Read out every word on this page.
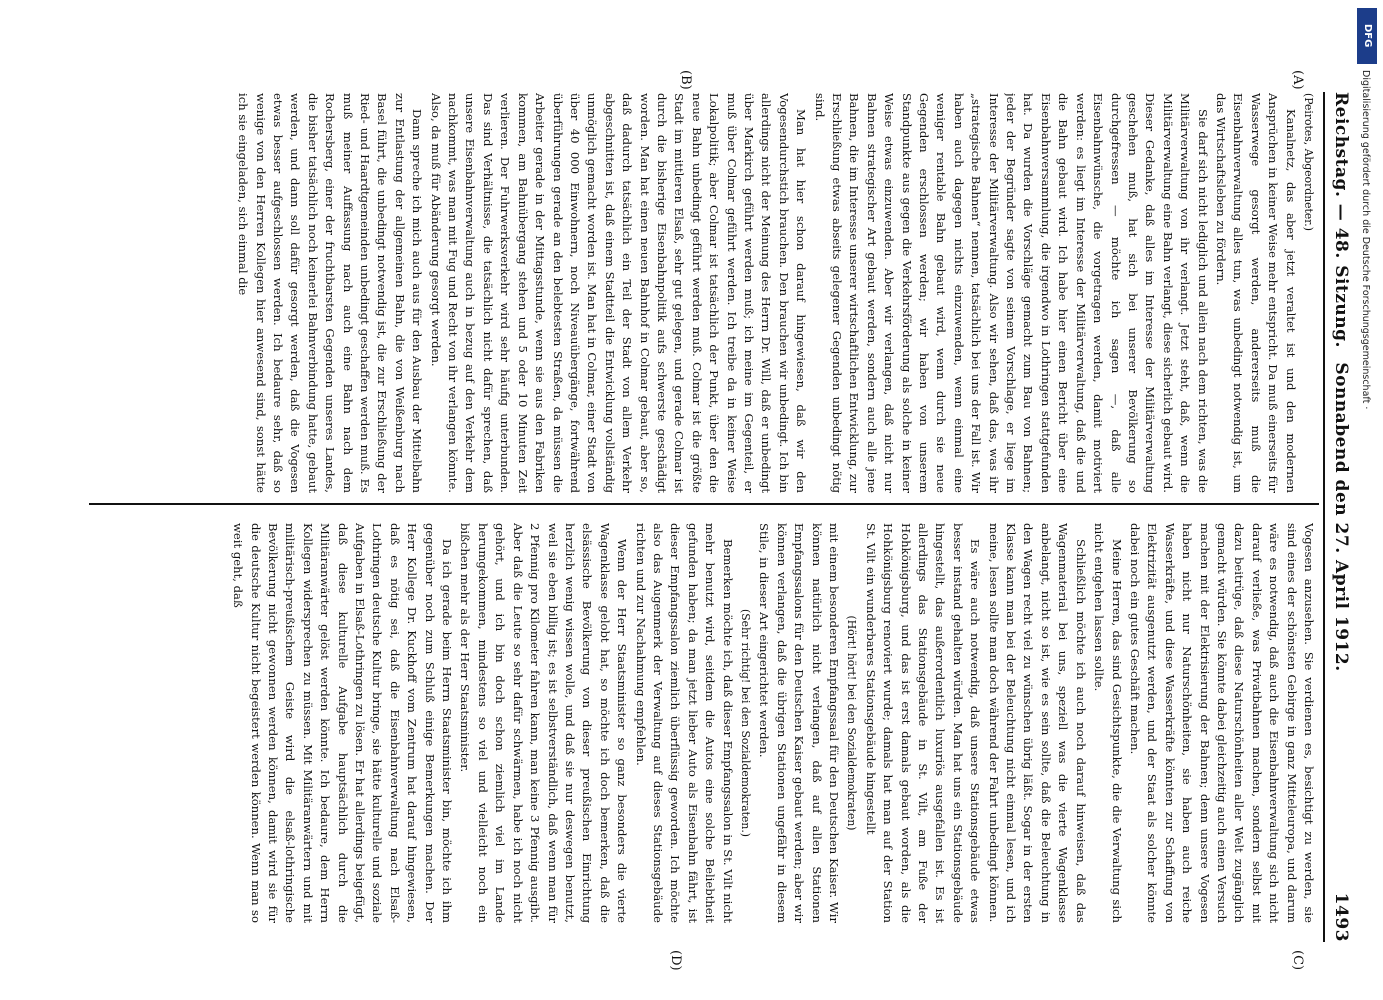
Reichstag. — 48. Sitzung.
Sonnabend den 27. April 1912.
1493
(A)
(B)
(C)
(D)

(Peirotes, Abgeordneter.)

Kanalnetz, das aber jetzt veraltet ist und den modernen Ansprüchen in keiner Weise mehr entspricht. Da muß einerseits für Wasserwege gesorgt werden, andererseits muß die Eisenbahnverwaltung alles tun, was unbedingt notwendig ist, um das Wirtschaftsleben zu fördern.

Sie darf sich nicht lediglich und allein nach dem richten, was die Militärverwaltung von ihr verlangt. Jetzt steht, daß, wenn die Militärverwaltung eine Bahn verlangt, diese sicherlich gebaut wird. Dieser Gedanke, daß alles im Interesse der Militärverwaltung geschehen muß, hat sich bei unserer Bevölkerung so durchgefressen — möchte ich sagen —, daß alle Eisenbahnwünsche, die vorgetragen werden, damit motiviert werden: es liegt im Interesse der Militärverwaltung, daß die und die Bahn gebaut wird. Ich habe hier einen Bericht über eine Eisenbahnversammlung, die irgendwo in Lothringen stattgefunden hat. Da wurden die Vorschläge gemacht zum Bau von Bahnen; jeder der Begründer sagte von seinem Vorschlage, er liege im Interesse der Militärverwaltung. Also wir sehen, daß das, was ihr „strategische Bahnen“ nennen, tatsächlich bei uns der Fall ist. Wir haben auch dagegen nichts einzuwenden, wenn einmal eine weniger rentable Bahn gebaut wird, wenn durch sie neue Gegenden erschlossen werden; wir haben von unserem Standpunkte aus gegen die Verkehrsförderung als solche in keiner Weise etwas einzuwenden. Aber wir verlangen, daß nicht nur Bahnen strategischer Art gebaut werden, sondern auch alle jene Bahnen, die im Interesse unserer wirtschaftlichen Entwicklung, zur Erschließung etwas abseits gelegener Gegenden unbedingt nötig sind.

Man hat hier schon darauf hingewiesen, daß wir den Vogesendurchstich brauchen. Den brauchen wir unbedingt. Ich bin allerdings nicht der Meinung des Herrn Dr. Will, daß er unbedingt über Markirch geführt werden muß; ich meine im Gegenteil, er muß über Colmar geführt werden. Ich treibe da in keiner Weise Lokalpolitik; aber Colmar ist tatsächlich der Punkt, über den die neue Bahn unbedingt geführt werden muß. Colmar ist die größte Stadt im mittleren Elsaß, sehr gut gelegen, und gerade Colmar ist durch die bisherige Eisenbahnpolitik aufs schwerste geschädigt worden. Man hat einen neuen Bahnhof in Colmar gebaut, aber so, daß dadurch tatsächlich ein Teil der Stadt von allem Verkehr abgeschnitten ist, daß einem Stadtteil die Entwicklung vollständig unmöglich gemacht worden ist. Man hat in Colmar, einer Stadt von über 40 000 Einwohnern, noch Niveauübergänge, fortwährend überführungen gerade an den belebtesten Straßen, da müssen die Arbeiter gerade in der Mittagsstunde, wenn sie aus den Fabriken kommen, am Bahnübergang stehen und 5 oder 10 Minuten Zeit verlieren. Der Fuhrwerksverkehr wird sehr häufig unterbunden. Das sind Verhältnisse, die tatsächlich nicht dafür sprechen, daß unsere Eisenbahnverwaltung auch in bezug auf den Verkehr dem nachkommt, was man mit Fug und Recht von ihr verlangen könnte. Also, da muß für Abänderung gesorgt werden.

Dann spreche ich mich auch aus für den Ausbau der Mittelbahn zur Entlastung der allgemeinen Bahn, die von Weißenburg nach Basel führt, die unbedingt notwendig ist, die zur Erschließung der Ried- und Haardtgemeinden unbedingt geschaffen werden muß. Es muß meiner Auffassung nach auch eine Bahn nach dem Rochersberg, einer der fruchtbarsten Gegenden unseres Landes, die bisher tatsächlich noch keinerlei Bahnverbindung hatte, gebaut werden, und dann soll dafür gesorgt werden, daß die Vogesen etwas besser aufgeschlossen werden. Ich bedaure sehr, daß so wenige von den Herren Kollegen hier anwesend sind, sonst hätte ich sie eingeladen, sich einmal die

Vogesen anzusehen. Sie verdienen es, besichtigt zu werden, sie sind eines der schönsten Gebirge in ganz Mitteleuropa, und darum wäre es notwendig, daß auch die Eisenbahnverwaltung sich nicht darauf verließe, was Privatbahnen machen, sondern selbst mit dazu beitrüge, daß diese Naturschönheiten aller Welt zugänglich gemacht würden. Sie könnte dabei gleichzeitig auch einen Versuch machen mit der Elektrisierung der Bahnen; denn unsere Vogesen haben nicht nur Naturschönheiten, sie haben auch reiche Wasserkräfte, und diese Wasserkräfte könnten zur Schaffung von Elektrizität ausgenutzt werden, und der Staat als solcher könnte dabei noch ein gutes Geschäft machen.

Meine Herren, das sind Gesichtspunkte, die die Verwaltung sich nicht entgehen lassen sollte.

Schließlich möchte ich auch noch darauf hinweisen, daß das Wagenmaterial bei uns, speziell was die vierte Wagenklasse anbelangt, nicht so ist, wie es sein sollte, daß die Beleuchtung in den Wagen recht viel zu wünschen übrig läßt. Sogar in der ersten Klasse kann man bei der Beleuchtung nicht einmal lesen, und ich meine, lesen sollte man doch während der Fahrt unbedingt können.

Es wäre auch notwendig, daß unsere Stationsgebäude etwas besser instand gehalten würden. Man hat uns ein Stationsgebäude hingestellt, das außerordentlich luxuriös ausgefallen ist. Es ist allerdings das Stationsgebäude in St. Vilt, am Fuße der Hohkönigsburg, und das ist erst damals gebaut worden, als die Hohkönigsburg renoviert wurde; damals hat man auf der Station St. Vilt ein wunderbares Stationsgebäude hingestellt

(Hört! hört! bei den Sozialdemokraten)

mit einem besonderen Empfangssaal für den Deutschen Kaiser. Wir können natürlich nicht verlangen, daß auf allen Stationen Empfangssalons für den Deutschen Kaiser gebaut werden; aber wir können verlangen, daß die übrigen Stationen ungefähr in diesem Stile, in dieser Art eingerichtet werden.

(Sehr richtig! bei den Sozialdemokraten.)

Bemerken möchte ich, daß dieser Empfangssalon in St. Vilt nicht mehr benutzt wird, seitdem die Autos eine solche Beliebtheit gefunden haben; da man jetzt lieber Auto als Eisenbahn fährt, ist dieser Empfangssalon ziemlich überflüssig geworden. Ich möchte also das Augenmerk der Verwaltung auf dieses Stationsgebäude richten und zur Nachahmung empfehlen.

Wenn der Herr Staatsminister so ganz besonders die vierte Wagenklasse gelobt hat, so möchte ich doch bemerken, daß die elsässische Bevölkerung von dieser preußischen Einrichtung herzlich wenig wissen wolle, und daß sie nur deswegen benutzt, weil sie eben billig ist; es ist selbstverständlich, daß wenn man für 2 Pfennig pro Kilometer fahren kann, man keine 3 Pfennig ausgibt. Aber daß die Leute so sehr dafür schwärmen, habe ich noch nicht gehört, und ich bin doch schon ziemlich viel im Lande herumgekommen, mindestens so viel und vielleicht noch ein bißchen mehr als der Herr Staatsminister.

Da ich gerade beim Herrn Staatsminister bin, möchte ich ihm gegenüber noch zum Schluß einige Bemerkungen machen. Der Herr Kollege Dr. Kuckhoff vom Zentrum hat darauf hingewiesen, daß es nötig sei, daß die Eisenbahnverwaltung nach Elsaß-Lothringen deutsche Kultur bringe, sie hätte kulturelle und soziale Aufgaben in Elsaß-Lothringen zu lösen. Er hat allerdings beigefügt, daß diese kulturelle Aufgabe hauptsächlich durch die Militäranwärter gelöst werden könnte. Ich bedaure, dem Herrn Kollegen widersprechen zu müssen. Mit Militäranwärtern und mit militärisch-preußischem Geiste wird die elsaß-lothringische Bevölkerung nicht gewonnen werden können, damit wird sie für die deutsche Kultur nicht begeistert werden können. Wenn man so weit geht, daß

DFG
Digitalisierung gefördert durch die Deutsche Forschungsgemeinschaft ·
